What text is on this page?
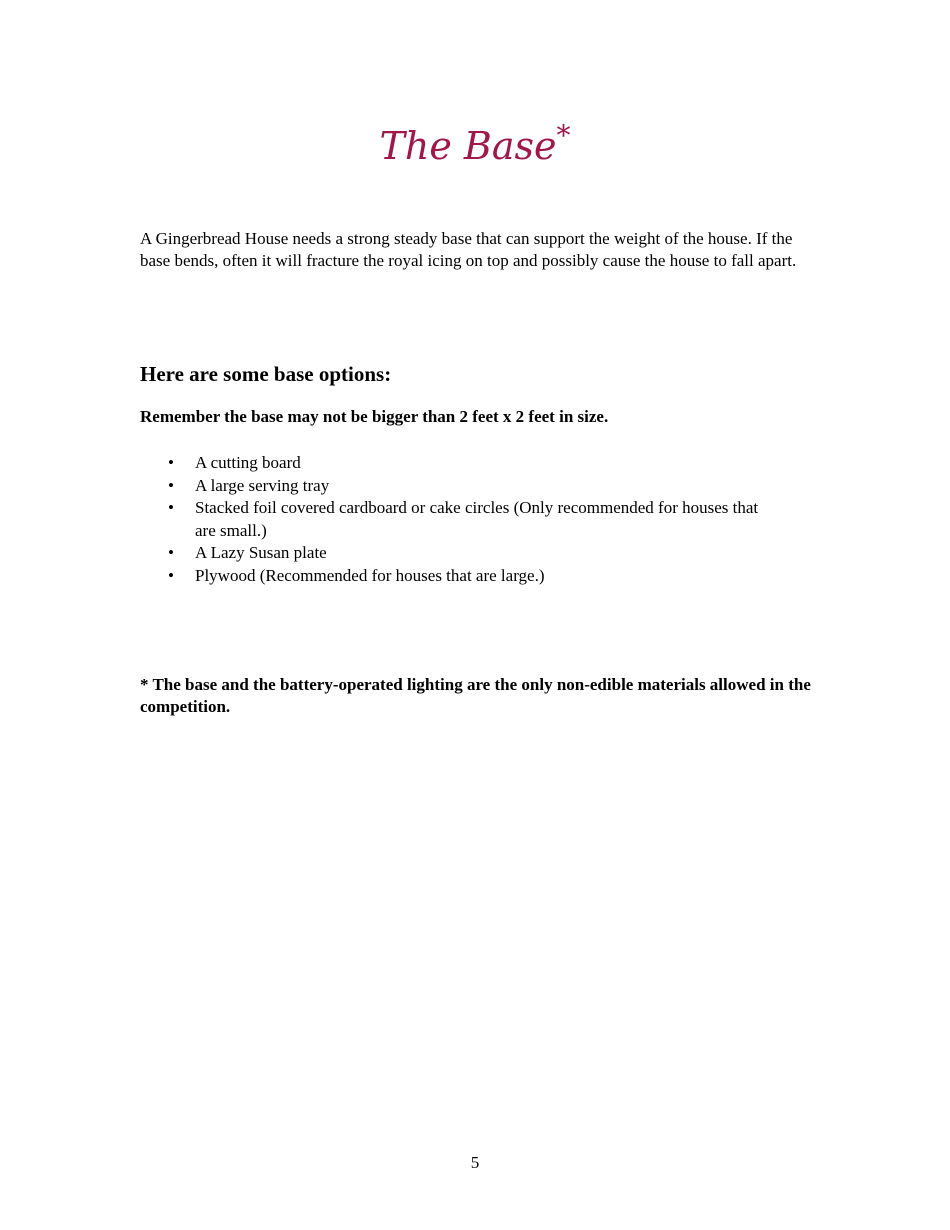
The Base*

A Gingerbread House needs a strong steady base that can support the weight of the house. If the base bends, often it will fracture the royal icing on top and possibly cause the house to fall apart.

Here are some base options:

Remember the base may not be bigger than 2 feet x 2 feet in size.

• A cutting board
• A large serving tray
• Stacked foil covered cardboard or cake circles (Only recommended for houses that are small.)
• A Lazy Susan plate
• Plywood (Recommended for houses that are large.)

* The base and the battery-operated lighting are the only non-edible materials allowed in the competition.

5
